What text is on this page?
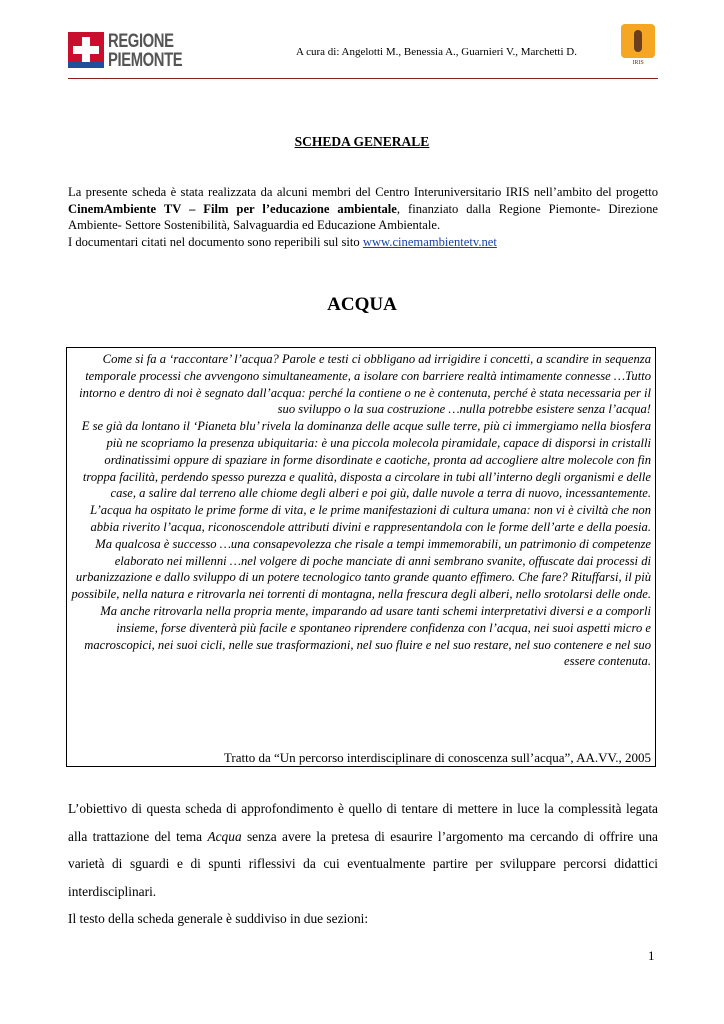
REGIONE
PIEMONTE	A cura di: Angelotti M., Benessia A., Guarnieri V., Marchetti D.
IRIS
SCHEDA GENERALE

La presente scheda è stata realizzata da alcuni membri del Centro Interuniversitario IRIS nell’ambito del progetto CinemAmbiente TV – Film per l’educazione ambientale, finanziato dalla Regione Piemonte- Direzione Ambiente- Settore Sostenibilità, Salvaguardia ed Educazione Ambientale.

I documentari citati nel documento sono reperibili sul sito www.cinemambientetv.net

ACQUA

Come si fa a ‘raccontare’ l’acqua? Parole e testi ci obbligano ad irrigidire i concetti, a scandire in sequenza temporale processi che avvengono simultaneamente, a isolare con barriere realtà intimamente connesse …Tutto intorno e dentro di noi è segnato dall’acqua: perché la contiene o ne è contenuta, perché è stata necessaria per il suo sviluppo o la sua costruzione …nulla potrebbe esistere senza l’acqua!

E se già da lontano il ‘Pianeta blu’ rivela la dominanza delle acque sulle terre, più ci immergiamo nella biosfera più ne scopriamo la presenza ubiquitaria: è una piccola molecola piramidale, capace di disporsi in cristalli ordinatissimi oppure di spaziare in forme disordinate e caotiche, pronta ad accogliere altre molecole con fin troppa facilità, perdendo spesso purezza e qualità, disposta a circolare in tubi all’interno degli organismi e delle case, a salire dal terreno alle chiome degli alberi e poi giù, dalle nuvole a terra di nuovo, incessantemente.

L’acqua ha ospitato le prime forme di vita, e le prime manifestazioni di cultura umana: non vi è civiltà che non abbia riverito l’acqua, riconoscendole attributi divini e rappresentandola con le forme dell’arte e della poesia.

Ma qualcosa è successo …una consapevolezza che risale a tempi immemorabili, un patrimonio di competenze elaborato nei millenni …nel volgere di poche manciate di anni sembrano svanite, offuscate dai processi di urbanizzazione e dallo sviluppo di un potere tecnologico tanto grande quanto effimero. Che fare? Rituffarsi, il più possibile, nella natura e ritrovarla nei torrenti di montagna, nella frescura degli alberi, nello srotolarsi delle onde. Ma anche ritrovarla nella propria mente, imparando ad usare tanti schemi interpretativi diversi e a comporli insieme, forse diventerà più facile e spontaneo riprendere confidenza con l’acqua, nei suoi aspetti micro e macroscopici, nei suoi cicli, nelle sue trasformazioni, nel suo fluire e nel suo restare, nel suo contenere e nel suo essere contenuta.

Tratto da “Un percorso interdisciplinare di conoscenza sull’acqua”, AA.VV., 2005

L’obiettivo di questa scheda di approfondimento è quello di tentare di mettere in luce la complessità legata alla trattazione del tema Acqua senza avere la pretesa di esaurire l’argomento ma cercando di offrire una varietà di sguardi e di spunti riflessivi da cui eventualmente partire per sviluppare percorsi didattici interdisciplinari.

Il testo della scheda generale è suddiviso in due sezioni:

1
